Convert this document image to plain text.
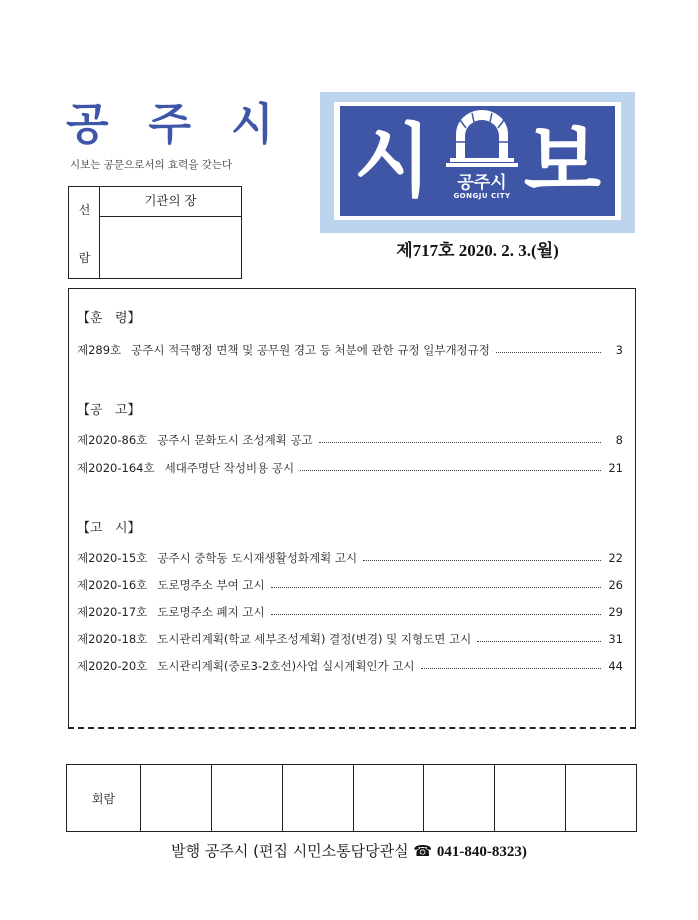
공주시
시보는 공문으로서의 효력을 갖는다
선
람
기관의 장	시	공주시
GONGJU CITY 보
제717호 2020. 2. 3.(월)
【훈   령】
제289호 공주시 적극행정 면책 및 공무원 경고 등 처분에 관한 규정 일부개정규정	3
【공   고】
제2020-86호 공주시 문화도시 조성계획 공고	8
제2020-164호 세대주명단 작성비용 공시	21
【고   시】
제2020-15호 공주시 중학동 도시재생활성화계획 고시	22
제2020-16호 도로명주소 부여 고시	26
제2020-17호 도로명주소 폐지 고시	29
제2020-18호 도시관리계획(학교 세부조성계획) 결정(변경) 및 지형도면 고시	31
제2020-20호 도시관리계획(중로3-2호선)사업 실시계획인가 고시	44
회람
발행 공주시 (편집 시민소통담당관실 ☎ 041-840-8323)
